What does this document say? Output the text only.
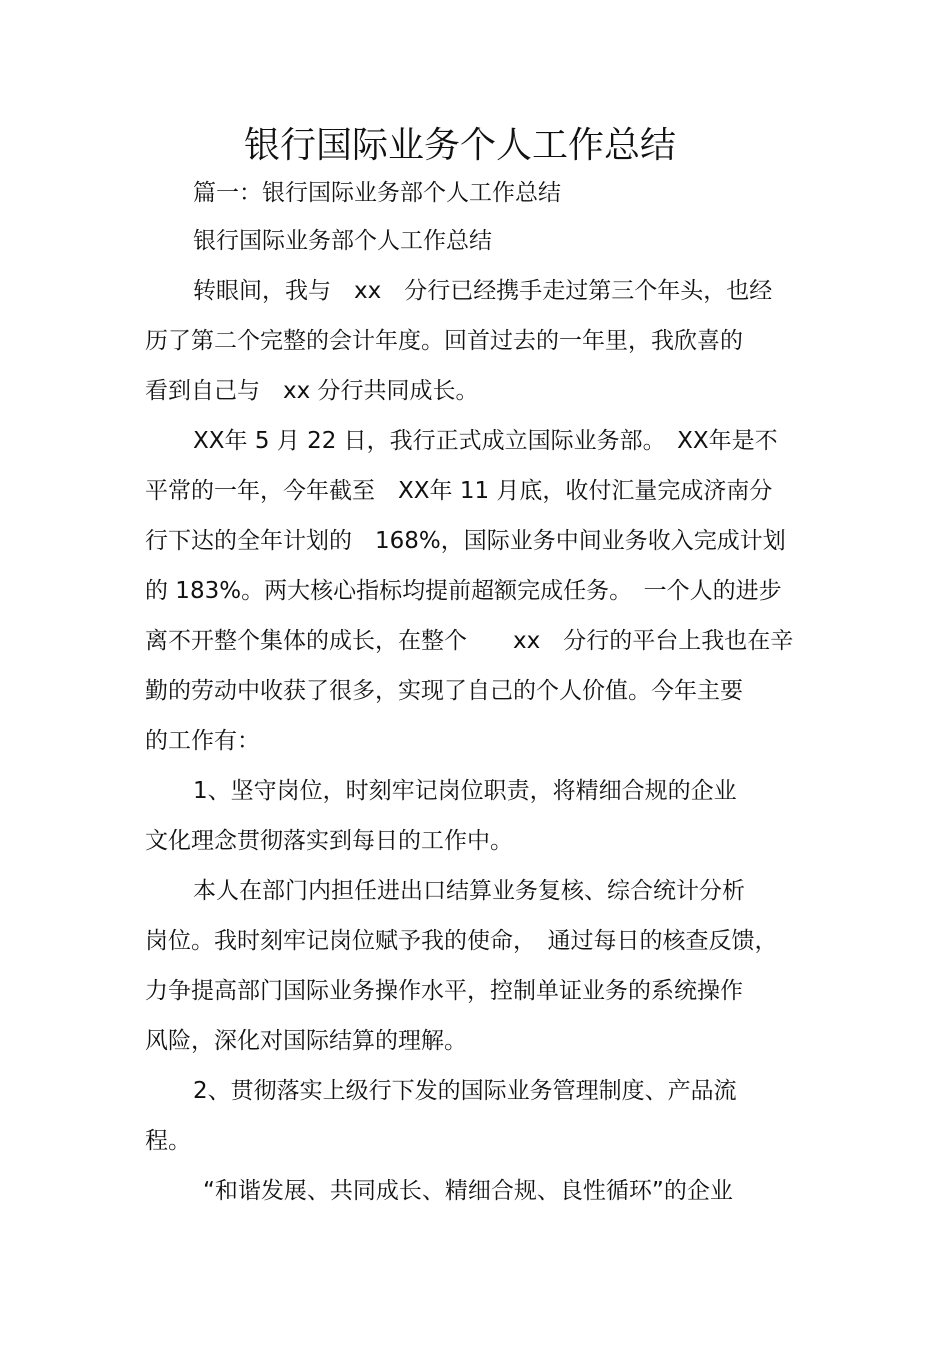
银行国际业务个人工作总结
篇一：银行国际业务部个人工作总结
银行国际业务部个人工作总结
转眼间，我与　xx　分行已经携手走过第三个年头，也经
历了第二个完整的会计年度。回首过去的一年里，我欣喜的
看到自己与　xx 分行共同成长。
XX年 5 月 22 日，我行正式成立国际业务部。　XX年是不
平常的一年，今年截至　XX年 11 月底，收付汇量完成济南分
行下达的全年计划的　168%，国际业务中间业务收入完成计划
的 183%。两大核心指标均提前超额完成任务。　一个人的进步
离不开整个集体的成长，在整个　　xx　分行的平台上我也在辛
勤的劳动中收获了很多，实现了自己的个人价值。今年主要
的工作有：
1、坚守岗位，时刻牢记岗位职责，将精细合规的企业
文化理念贯彻落实到每日的工作中。
本人在部门内担任进出口结算业务复核、综合统计分析
岗位。我时刻牢记岗位赋予我的使命，　通过每日的核查反馈，
力争提高部门国际业务操作水平，控制单证业务的系统操作
风险，深化对国际结算的理解。
2、贯彻落实上级行下发的国际业务管理制度、产品流
程。
“和谐发展、共同成长、精细合规、良性循环”的企业
